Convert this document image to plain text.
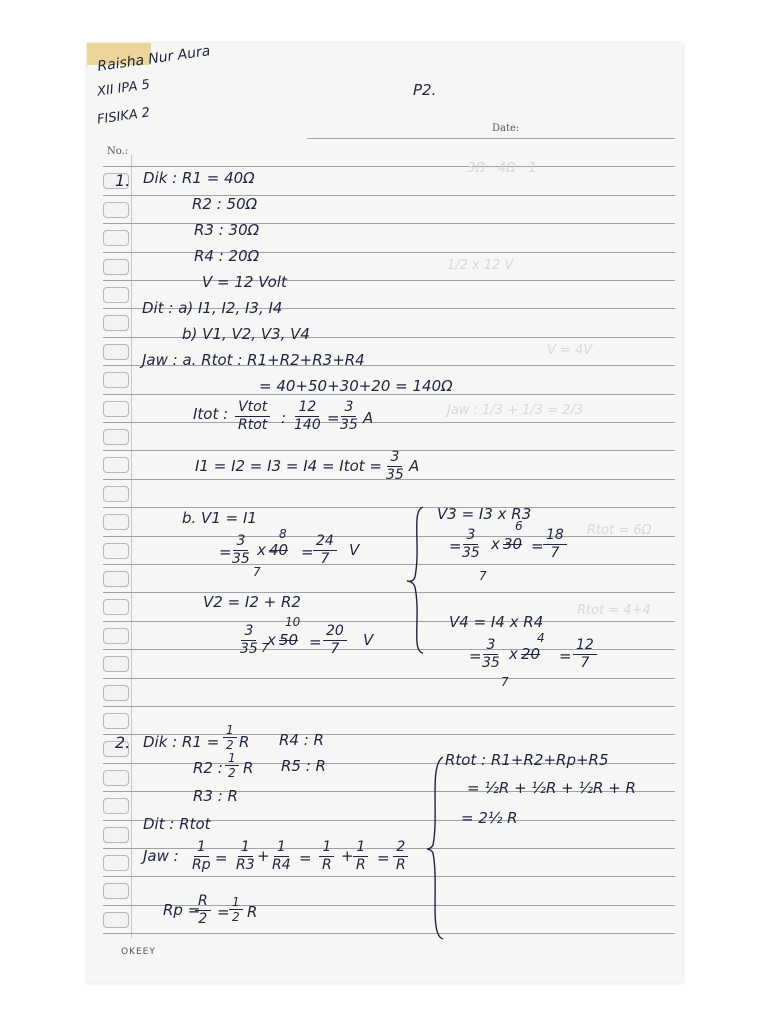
Raisha Nur Aura
XII IPA 5
FISIKA 2
P2.
Date:
No.:
3Ω · 4Ω · 1
1/2 x 12 V
V = 4V
Jaw : 1/3 + 1/3 = 2/3
Rtot = 6Ω
Rtot = 4+4
1. Dik : R1 = 40Ω
R2 : 50Ω
R3 : 30Ω
R4 : 20Ω
V = 12 Volt
Dit : a) I1, I2, I3, I4
b) V1, V2, V3, V4
Jaw : a. Rtot : R1+R2+R3+R4
= 40+50+30+20 = 140Ω
Itot : Vtot
Rtot : $\frac{12}{140}$ =
$\frac{3}{35}$ A
I1 = I2 = I3 = I4 = Itot = $\frac{3}{35}$ A
b. V1 = I1
=
$\frac{3}{35}$
7
x 40
8
= $\frac{24}{7}$ V
V2 = I2 + R2
$\frac{3}{35} 7$
x 50
10
= $\frac{20}{7}$ V
V3 = I3 x R3
=
$\frac{3}{35}$
7
x 30
6
= $\frac{18}{7}$
V4 = I4 x R4
=
$\frac{3}{35}$
7
x 20
4
= $\frac{12}{7}$
2. Dik : $R1 = \frac{1}{2}$ R R4 : R
R2 : $\frac{1}{2}$ R R5 : R
R3 : R
Dit : Rtot
Jaw : $\frac{1}{Rp} = \frac{1}{R3} + \frac{1}{R4} = \frac{1}{R} + \frac{1}{R} = \frac{2}{R}$
Rp =
$\frac{R}{2} = \frac{1}{2}$ R
Rtot : R1+R2+Rp+R5
= ½R + ½R + ½R + R
= 2½ R
OKEEY
